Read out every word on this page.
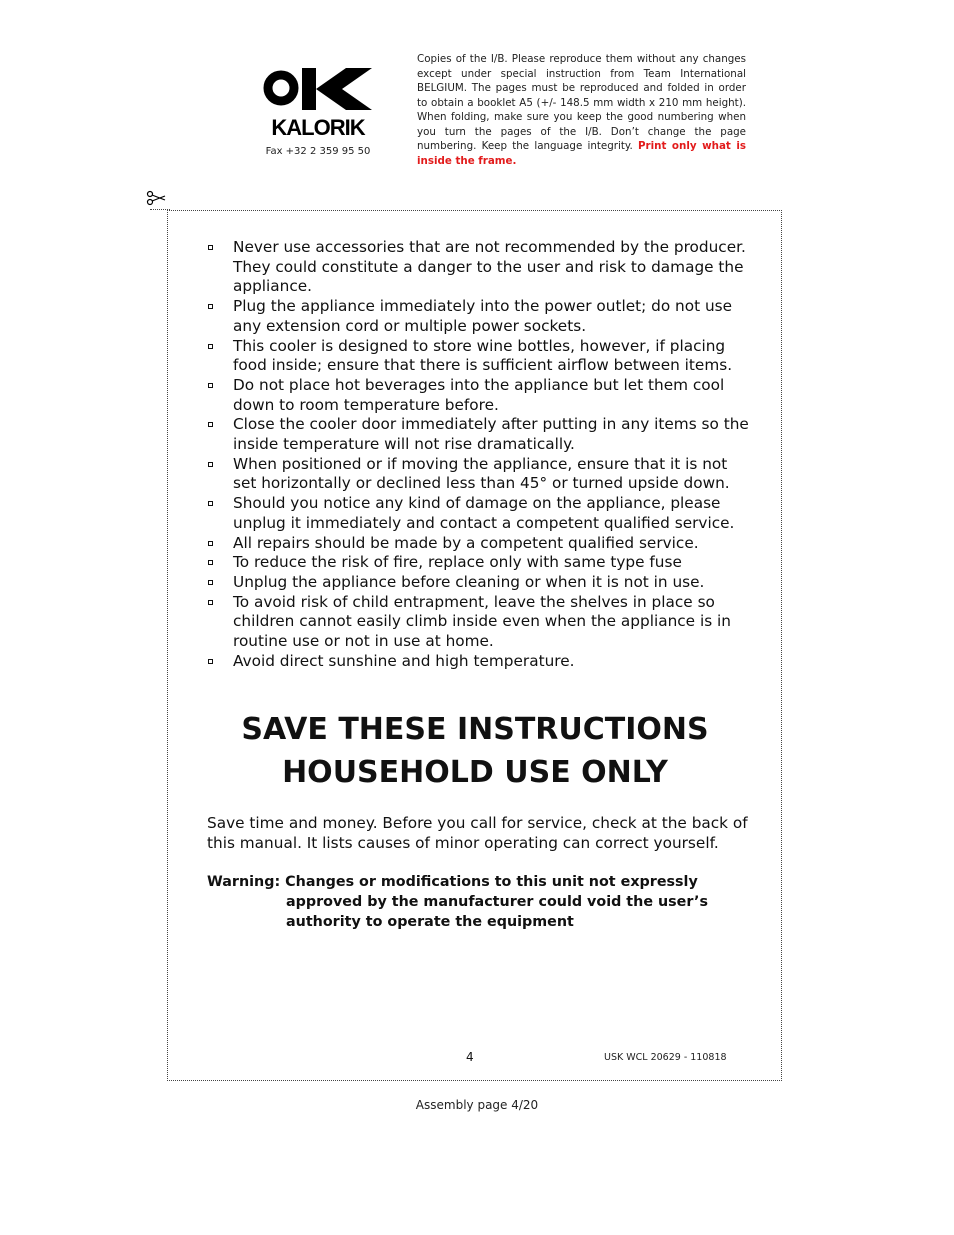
KALORIK
Fax +32 2 359 95 50
Copies of the I/B. Please reproduce them without any changes except under special instruction from Team International BELGIUM. The pages must be reproduced and folded in order to obtain a booklet A5 (+/- 148.5 mm width x 210 mm height). When folding, make sure you keep the good numbering when you turn the pages of the I/B. Don’t change the page numbering. Keep the language integrity. Print only what is inside the frame.
Never use accessories that are not recommended by the producer. They could constitute a danger to the user and risk to damage the appliance.
Plug the appliance immediately into the power outlet; do not use any extension cord or multiple power sockets.
This cooler is designed to store wine bottles, however, if placing food inside; ensure that there is sufficient airflow between items.
Do not place hot beverages into the appliance but let them cool down to room temperature before.
Close the cooler door immediately after putting in any items so the inside temperature will not rise dramatically.
When positioned or if moving the appliance, ensure that it is not set horizontally or declined less than 45° or turned upside down.
Should you notice any kind of damage on the appliance, please unplug it immediately and contact a competent qualified service.
All repairs should be made by a competent qualified service.
To reduce the risk of fire, replace only with same type fuse
Unplug the appliance before cleaning or when it is not in use.
To avoid risk of child entrapment, leave the shelves in place so children cannot easily climb inside even when the appliance is in routine use or not in use at home.
Avoid direct sunshine and high temperature.
SAVE THESE INSTRUCTIONS
HOUSEHOLD USE ONLY
Save time and money. Before you call for service, check at the back of this manual. It lists causes of minor operating can correct yourself.
Warning: Changes or modifications to this unit not expressly
approved by the manufacturer could void the user’s authority to operate the equipment
4	USK WCL 20629 - 110818
Assembly page 4/20
